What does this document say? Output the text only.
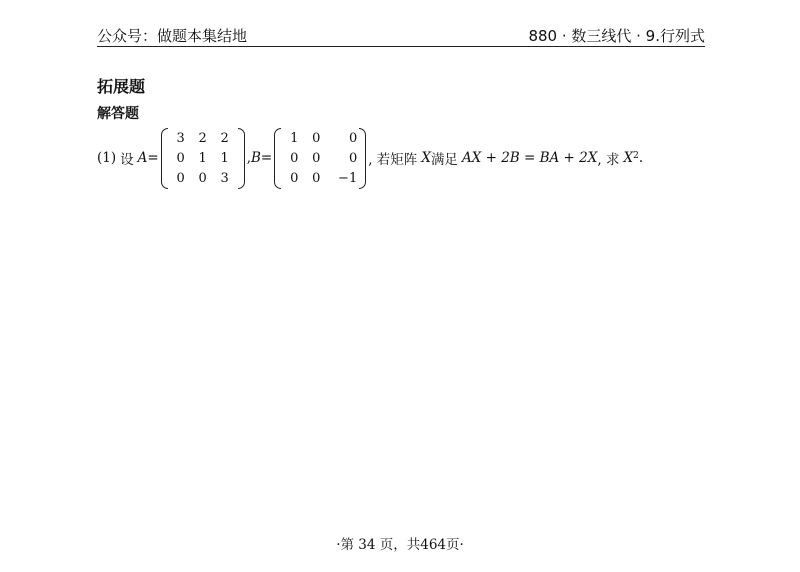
公众号：做题本集结地	880 · 数三线代 · 9.行列式
拓展题
解答题
(1) 设 A =
3	2	2
0	1	1
0	0	3
, B =
1	0	0
0	0	0
0	0	−1
, 若矩阵 X 满足 AX + 2B = BA + 2X , 求 $X^2$ .
·第 34 页，共464页·
